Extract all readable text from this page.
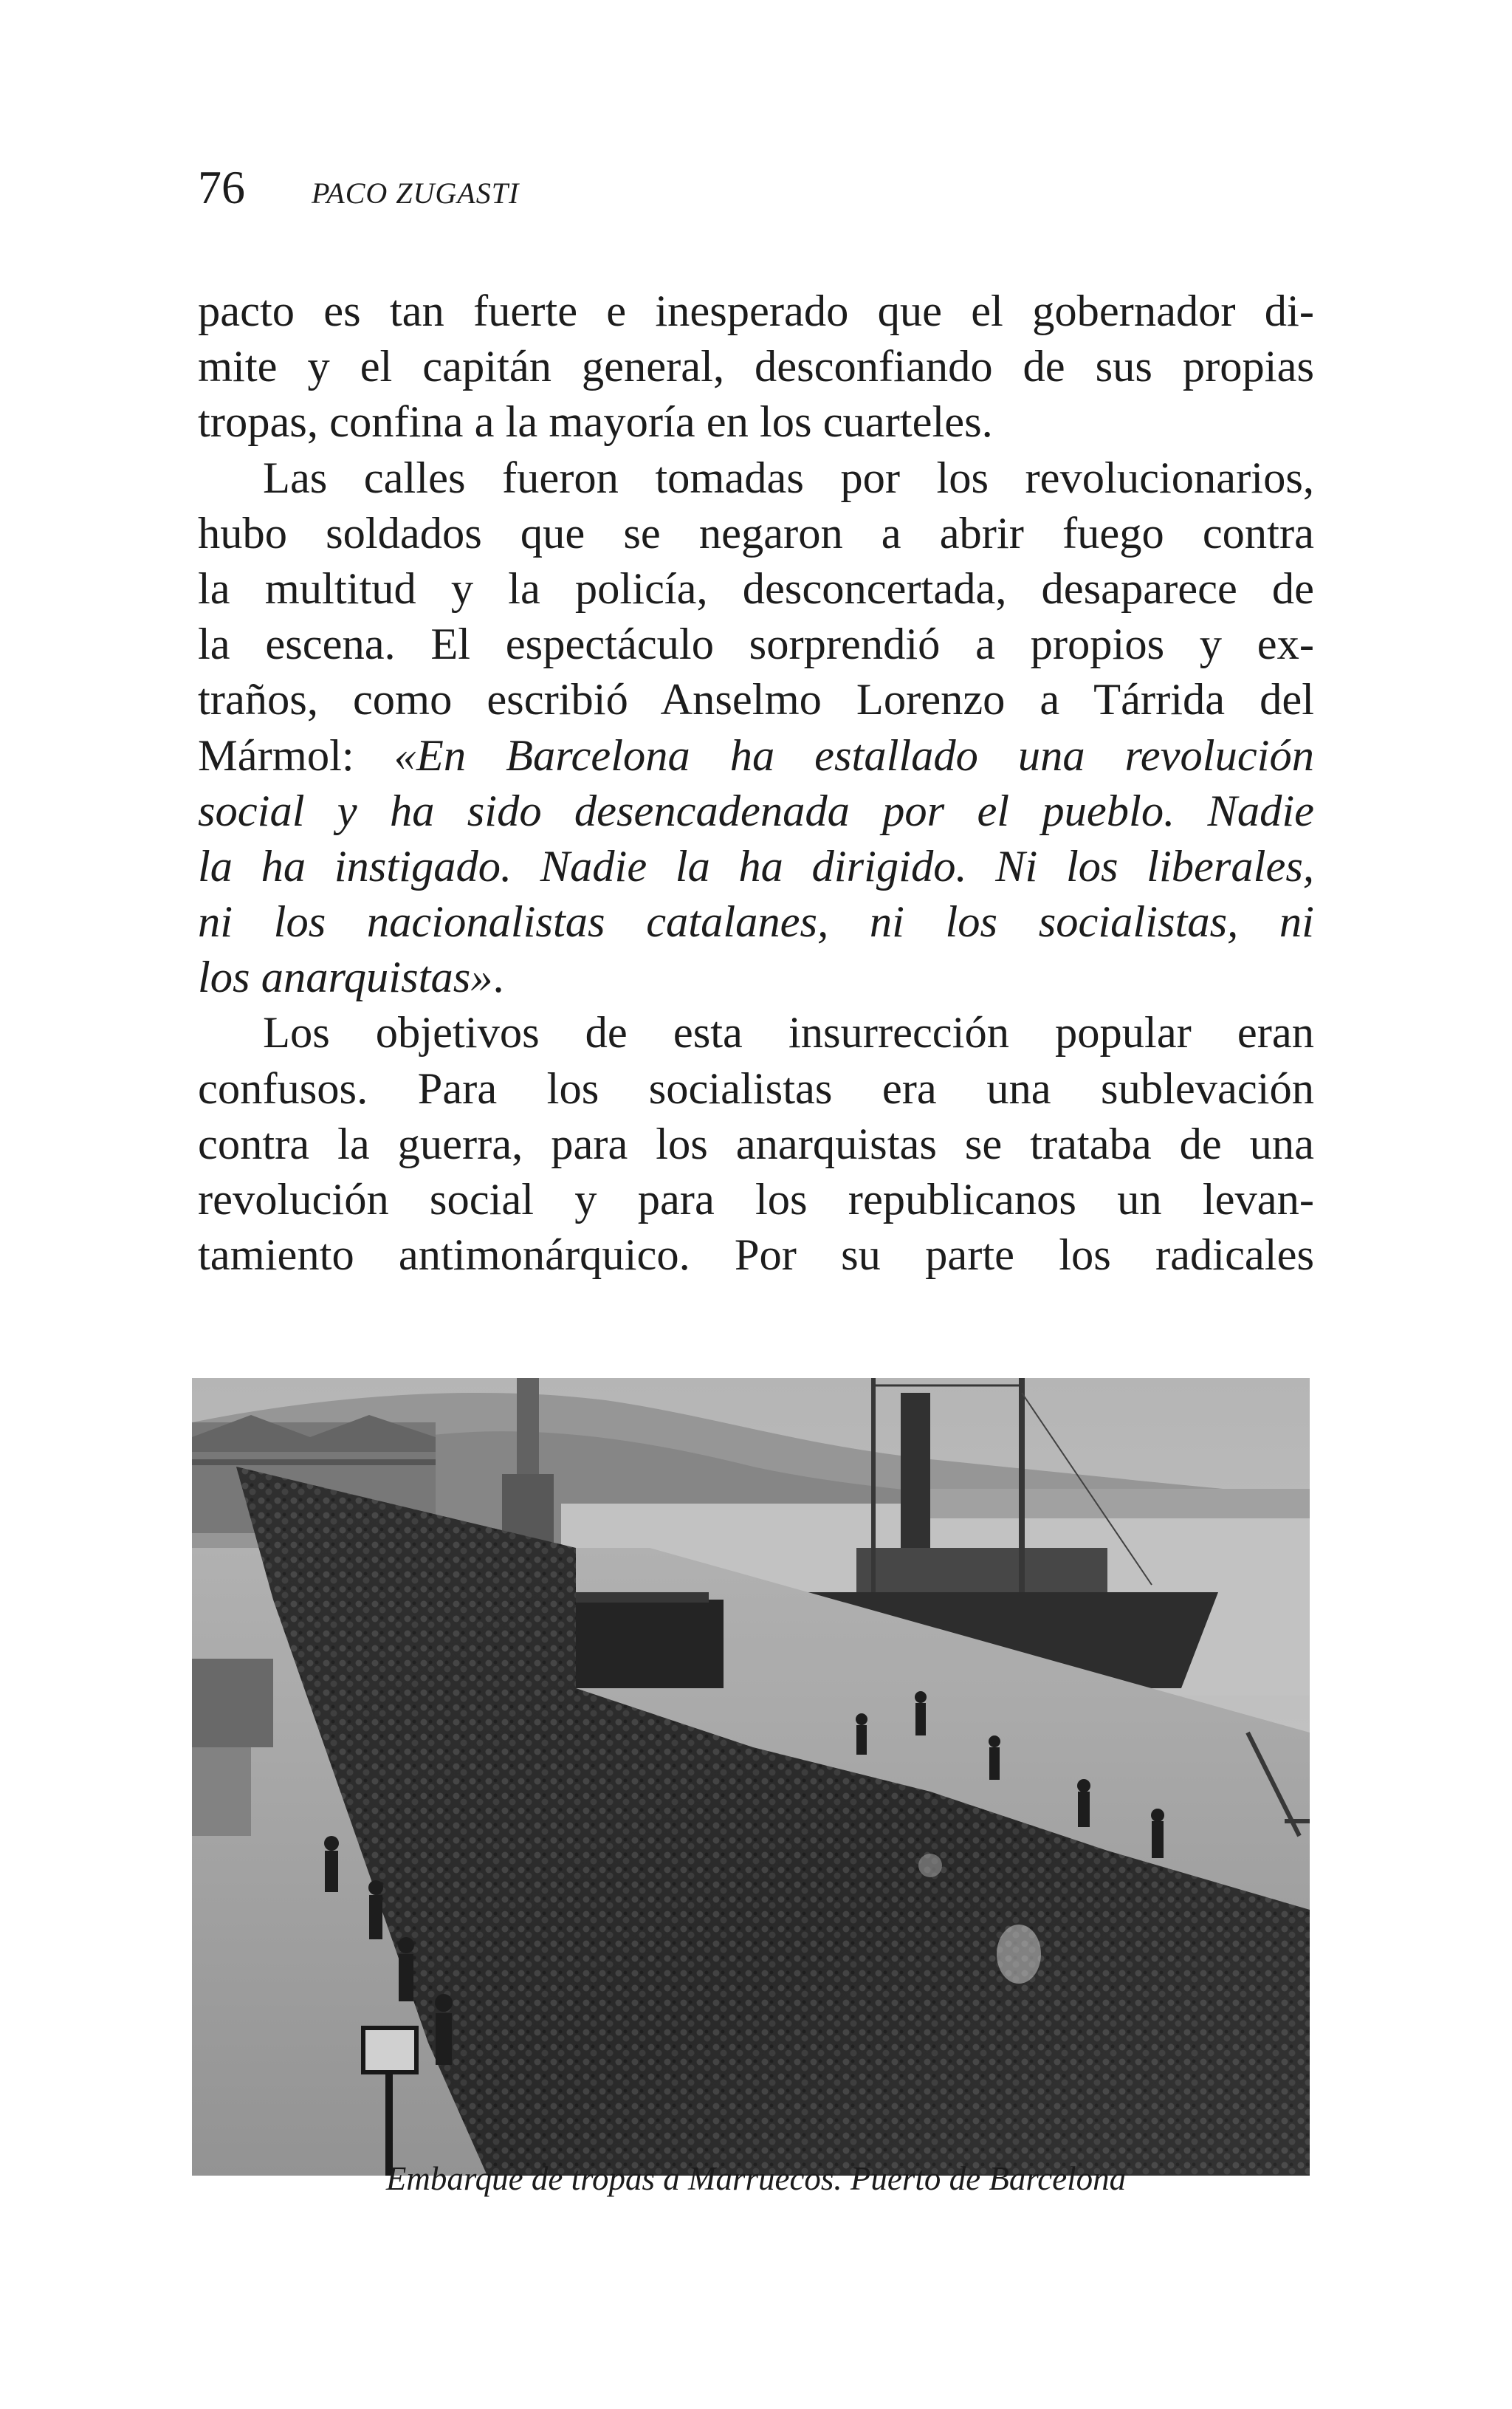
76 PACO ZUGASTI
pacto es tan fuerte e inesperado que el gobernador di-
mite y el capitán general, desconfiando de sus propias
tropas, confina a la mayoría en los cuarteles.
Las calles fueron tomadas por los revolucionarios,
hubo soldados que se negaron a abrir fuego contra
la multitud y la policía, desconcertada, desaparece de
la escena. El espectáculo sorprendió a propios y ex-
traños, como escribió Anselmo Lorenzo a Tárrida del
Mármol: «En Barcelona ha estallado una revolución
social y ha sido desencadenada por el pueblo. Nadie
la ha instigado. Nadie la ha dirigido. Ni los liberales,
ni los nacionalistas catalanes, ni los socialistas, ni
los anarquistas».
Los objetivos de esta insurrección popular eran
confusos. Para los socialistas era una sublevación
contra la guerra, para los anarquistas se trataba de una
revolución social y para los republicanos un levan-
tamiento antimonárquico. Por su parte los radicales
Embarque de tropas a Marruecos. Puerto de Barcelona
